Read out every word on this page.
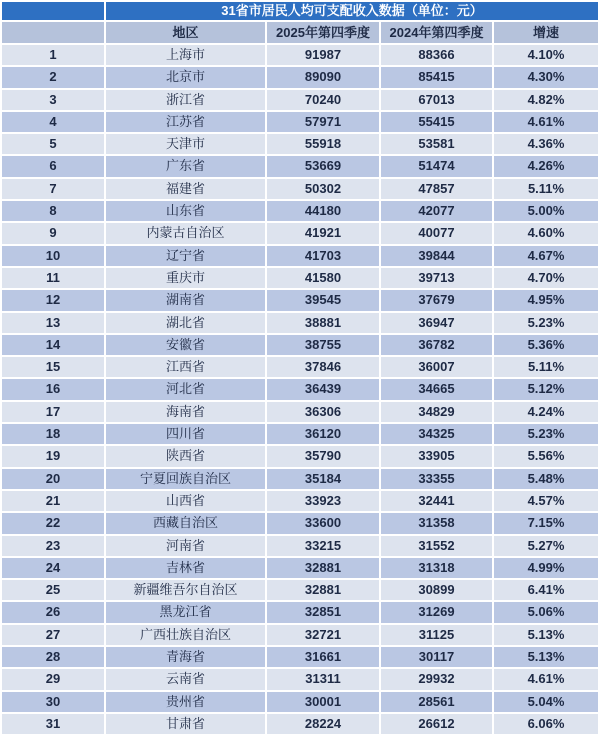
	31省市居民人均可支配收入数据（单位：元）			
	地区	2025年第四季度	2024年第四季度	增速
1	上海市	91987	88366	4.10%
2	北京市	89090	85415	4.30%
3	浙江省	70240	67013	4.82%
4	江苏省	57971	55415	4.61%
5	天津市	55918	53581	4.36%
6	广东省	53669	51474	4.26%
7	福建省	50302	47857	5.11%
8	山东省	44180	42077	5.00%
9	内蒙古自治区	41921	40077	4.60%
10	辽宁省	41703	39844	4.67%
11	重庆市	41580	39713	4.70%
12	湖南省	39545	37679	4.95%
13	湖北省	38881	36947	5.23%
14	安徽省	38755	36782	5.36%
15	江西省	37846	36007	5.11%
16	河北省	36439	34665	5.12%
17	海南省	36306	34829	4.24%
18	四川省	36120	34325	5.23%
19	陕西省	35790	33905	5.56%
20	宁夏回族自治区	35184	33355	5.48%
21	山西省	33923	32441	4.57%
22	西藏自治区	33600	31358	7.15%
23	河南省	33215	31552	5.27%
24	吉林省	32881	31318	4.99%
25	新疆维吾尔自治区	32881	30899	6.41%
26	黑龙江省	32851	31269	5.06%
27	广西壮族自治区	32721	31125	5.13%
28	青海省	31661	30117	5.13%
29	云南省	31311	29932	4.61%
30	贵州省	30001	28561	5.04%
31	甘肃省	28224	26612	6.06%
